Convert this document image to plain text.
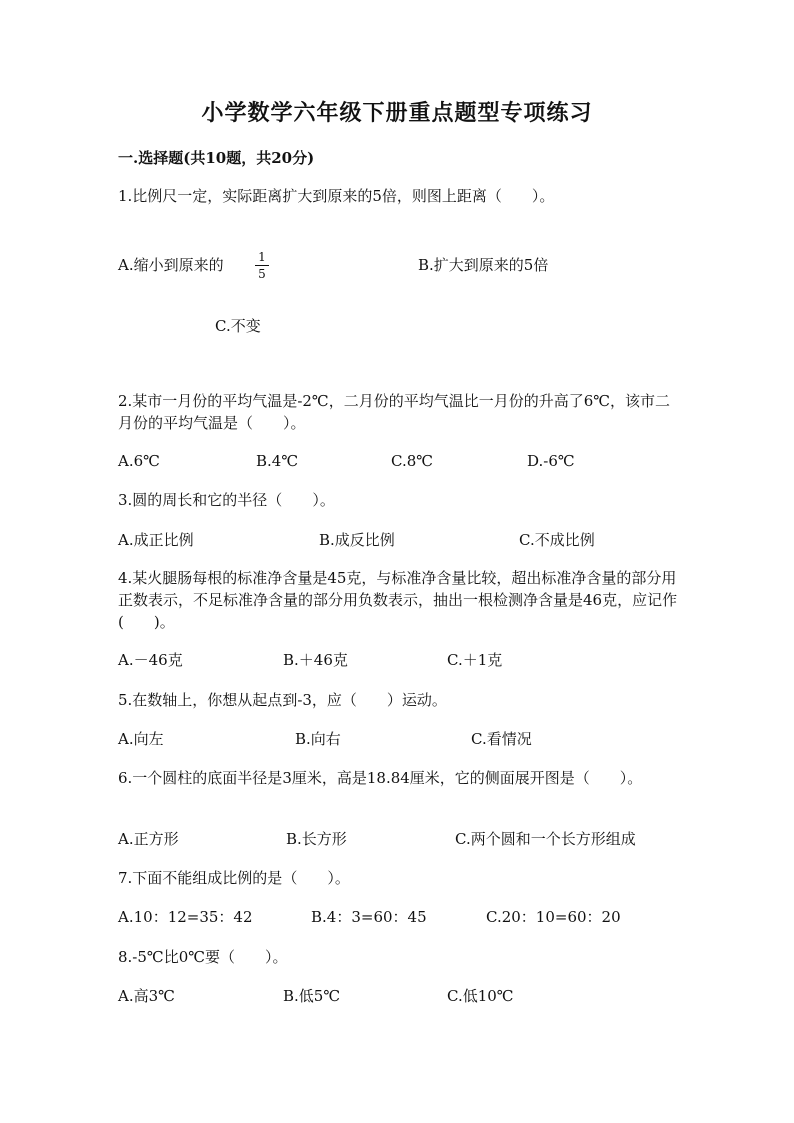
小学数学六年级下册重点题型专项练习
一.选择题(共10题，共20分)
1.比例尺一定，实际距离扩大到原来的5倍，则图上距离（　　）。
A.缩小到原来的	1
5	B.扩大到原来的5倍
C.不变
2.某市一月份的平均气温是-2℃，二月份的平均气温比一月份的升高了6℃，该市二月份的平均气温是（　　）。
A.6℃	B.4℃	C.8℃	D.-6℃
3.圆的周长和它的半径（　　）。
A.成正比例	B.成反比例	C.不成比例
4.某火腿肠每根的标准净含量是45克，与标准净含量比较，超出标准净含量的部分用正数表示，不足标准净含量的部分用负数表示，抽出一根检测净含量是46克，应记作(　　)。
A.－46克	B.＋46克	C.＋1克
5.在数轴上，你想从起点到-3，应（　　）运动。
A.向左	B.向右	C.看情况
6.一个圆柱的底面半径是3厘米，高是18.84厘米，它的侧面展开图是（　　）。
A.正方形	B.长方形	C.两个圆和一个长方形组成
7.下面不能组成比例的是（　　）。
A.10：12=35：42	B.4：3=60：45	C.20：10=60：20
8.-5℃比0℃要（　　）。
A.高3℃	B.低5℃	C.低10℃
